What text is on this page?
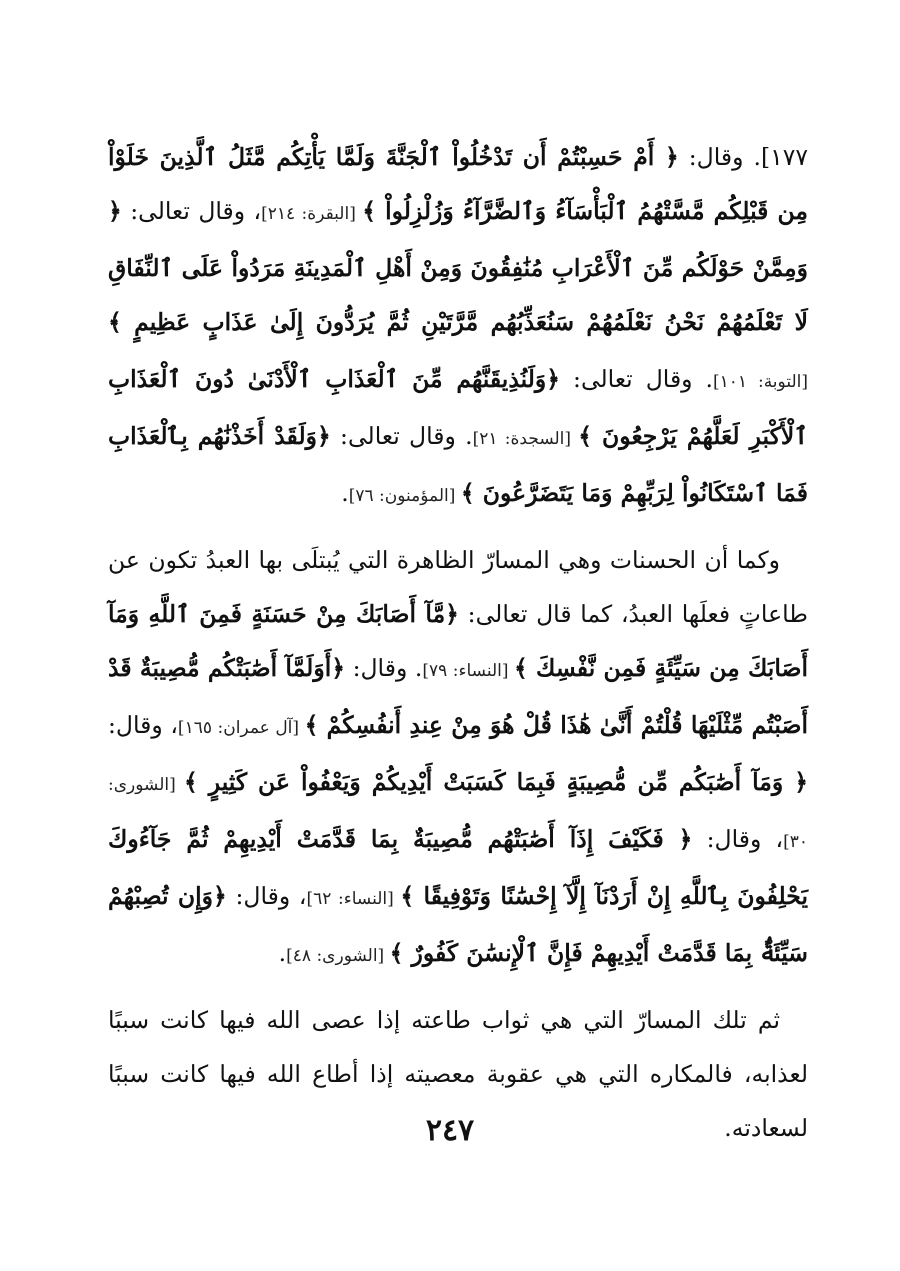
١٧٧]. وقال: ﴿ أَمْ حَسِبْتُمْ أَن تَدْخُلُواْ ٱلْجَنَّةَ وَلَمَّا يَأْتِكُم مَّثَلُ ٱلَّذِينَ خَلَوْاْ مِن قَبْلِكُم مَّسَّتْهُمُ ٱلْبَأْسَآءُ وَٱلضَّرَّآءُ وَزُلْزِلُواْ ﴾ [البقرة: ٢١٤]، وقال تعالى: ﴿ وَمِمَّنْ حَوْلَكُم مِّنَ ٱلْأَعْرَابِ مُنَٰفِقُونَ وَمِنْ أَهْلِ ٱلْمَدِينَةِ مَرَدُواْ عَلَى ٱلنِّفَاقِ لَا تَعْلَمُهُمْ نَحْنُ نَعْلَمُهُمْ سَنُعَذِّبُهُم مَّرَّتَيْنِ ثُمَّ يُرَدُّونَ إِلَىٰ عَذَابٍ عَظِيمٍ ﴾ [التوبة: ١٠١]. وقال تعالى: ﴿وَلَنُذِيقَنَّهُم مِّنَ ٱلْعَذَابِ ٱلْأَدْنَىٰ دُونَ ٱلْعَذَابِ ٱلْأَكْبَرِ لَعَلَّهُمْ يَرْجِعُونَ ﴾ [السجدة: ٢١]. وقال تعالى: ﴿وَلَقَدْ أَخَذْنَٰهُم بِٱلْعَذَابِ فَمَا ٱسْتَكَانُواْ لِرَبِّهِمْ وَمَا يَتَضَرَّعُونَ ﴾ [المؤمنون: ٧٦].

وكما أن الحسنات وهي المسارّ الظاهرة التي يُبتلَى بها العبدُ تكون عن طاعاتٍ فعلَها العبدُ، كما قال تعالى: ﴿مَّآ أَصَابَكَ مِنْ حَسَنَةٍ فَمِنَ ٱللَّهِ وَمَآ أَصَابَكَ مِن سَيِّئَةٍ فَمِن نَّفْسِكَ ﴾ [النساء: ٧٩]. وقال: ﴿أَوَلَمَّآ أَصَٰبَتْكُم مُّصِيبَةٌ قَدْ أَصَبْتُم مِّثْلَيْهَا قُلْتُمْ أَنَّىٰ هَٰذَا قُلْ هُوَ مِنْ عِندِ أَنفُسِكُمْ ﴾ [آل عمران: ١٦٥]، وقال: ﴿ وَمَآ أَصَٰبَكُم مِّن مُّصِيبَةٍ فَبِمَا كَسَبَتْ أَيْدِيكُمْ وَيَعْفُواْ عَن كَثِيرٍ ﴾ [الشورى: ٣٠]، وقال: ﴿ فَكَيْفَ إِذَآ أَصَٰبَتْهُم مُّصِيبَةٌ بِمَا قَدَّمَتْ أَيْدِيهِمْ ثُمَّ جَآءُوكَ يَحْلِفُونَ بِٱللَّهِ إِنْ أَرَدْنَآ إِلَّآ إِحْسَٰنًا وَتَوْفِيقًا ﴾ [النساء: ٦٢]، وقال: ﴿وَإِن تُصِبْهُمْ سَيِّئَةٌۢ بِمَا قَدَّمَتْ أَيْدِيهِمْ فَإِنَّ ٱلْإِنسَٰنَ كَفُورٌ ﴾ [الشورى: ٤٨].

ثم تلك المسارّ التي هي ثواب طاعته إذا عصى الله فيها كانت سببًا لعذابه، فالمكاره التي هي عقوبة معصيته إذا أطاع الله فيها كانت سببًا لسعادته.

٢٤٧
